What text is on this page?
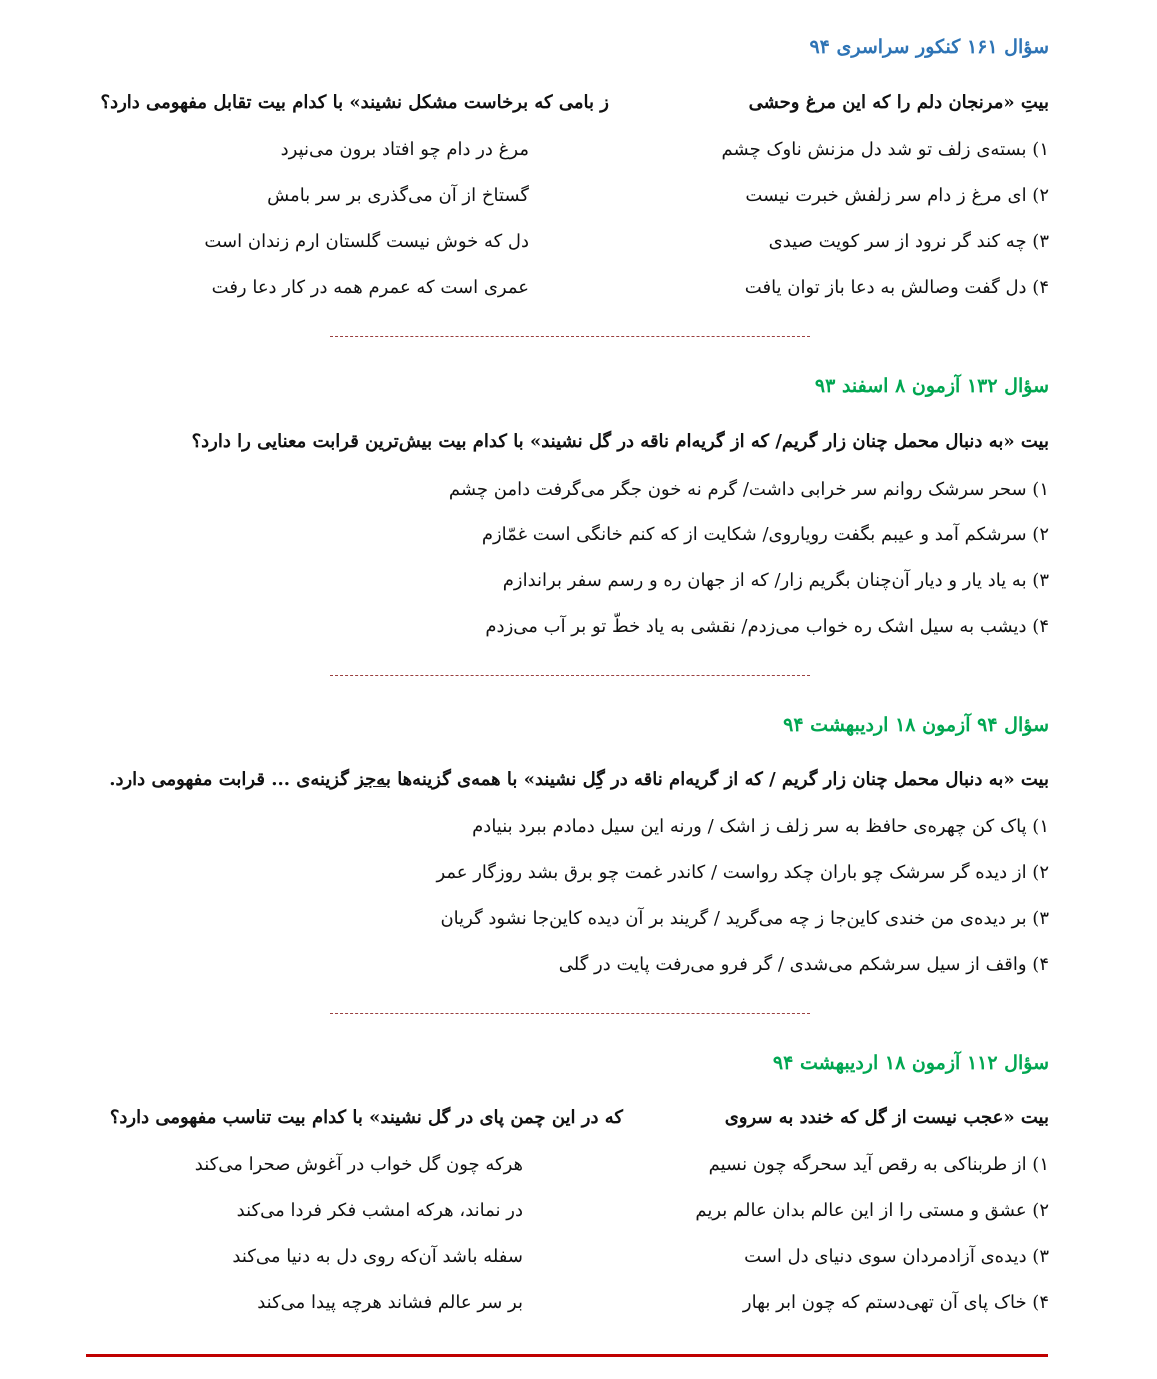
سؤال ۱۶۱ کنکور سراسری ۹۴
بیتِ «مرنجان دلم را که این مرغ وحشی
ز بامی که برخاست مشکل نشیند» با کدام بیت تقابل مفهومی دارد؟
۱) بسته‌ی زلف تو شد دل مزنش ناوک چشم
مرغ در دام چو افتاد برون می‌نپرد
۲) ای مرغ ز دام سر زلفش خبرت نیست
گستاخ از آن می‌گذری بر سر بامش
۳) چه کند گر نرود از سر کویت صیدی
دل که خوش نیست گلستان ارم زندان است
۴) دل گفت وصالش به دعا باز توان یافت
عمری است که عمرم همه در کار دعا رفت
سؤال ۱۳۲ آزمون ۸ اسفند ۹۳
بیت «به دنبال محمل چنان زار گریم/ که از گریه‌ام ناقه در گل نشیند» با کدام بیت بیش‌ترین قرابت معنایی را دارد؟
۱) سحر سرشک روانم سر خرابی داشت/ گرم نه خون جگر می‌گرفت دامن چشم
۲) سرشکم آمد و عیبم بگفت رویاروی/ شکایت از که کنم خانگی است غمّازم
۳) به یاد یار و دیار آن‌چنان بگریم زار/ که از جهان ره و رسم سفر براندازم
۴) دیشب به سیل اشک ره خواب می‌زدم/ نقشی به یاد خطّ تو بر آب می‌زدم
سؤال ۹۴ آزمون ۱۸ اردیبهشت ۹۴
بیت «به دنبال محمل چنان زار گریم / که از گریه‌ام ناقه در گِل نشیند» با همه‌ی گزینه‌ها به‌جز گزینه‌ی ... قرابت مفهومی دارد.
۱) پاک کن چهره‌ی حافظ به سر زلف ز اشک / ورنه این سیل دمادم ببرد بنیادم
۲) از دیده گر سرشک چو باران چکد رواست / کاندر غمت چو برق بشد روزگار عمر
۳) بر دیده‌ی من خندی کاین‌جا ز چه می‌گرید / گریند بر آن دیده کاین‌جا نشود گریان
۴) واقف از سیل سرشکم می‌شدی / گر فرو می‌رفت پایت در گلی
سؤال ۱۱۲ آزمون ۱۸ اردیبهشت ۹۴
بیت «عجب نیست از گل که خندد به سروی
که در این چمن پای در گل نشیند» با کدام بیت تناسب مفهومی دارد؟
۱) از طربناکی به رقص آید سحرگه چون نسیم
هرکه چون گل خواب در آغوش صحرا می‌کند
۲) عشق و مستی را از این عالم بدان عالم بریم
در نماند، هرکه امشب فکر فردا می‌کند
۳) دیده‌ی آزادمردان سوی دنیای دل است
سفله باشد آن‌که روی دل به دنیا می‌کند
۴) خاک پای آن تهی‌دستم که چون ابر بهار
بر سر عالم فشاند هرچه پیدا می‌کند
